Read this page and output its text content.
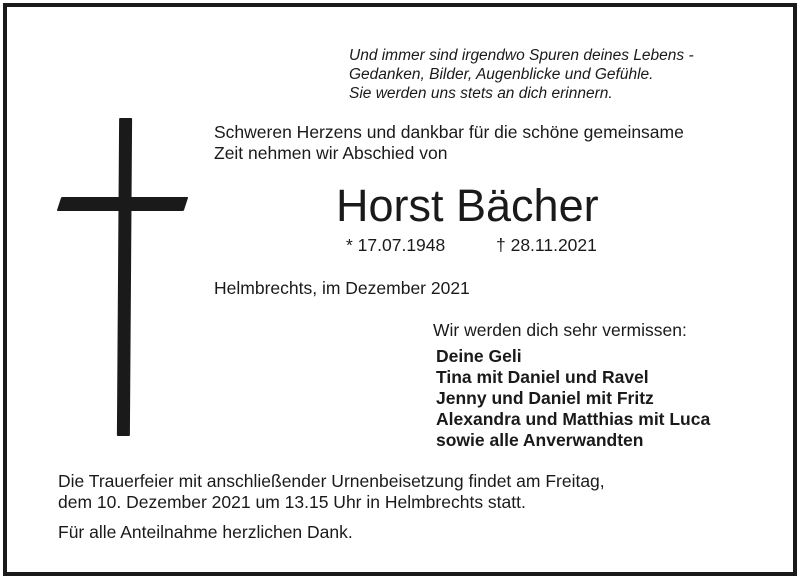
Und immer sind irgendwo Spuren deines Lebens -
Gedanken, Bilder, Augenblicke und Gefühle.
Sie werden uns stets an dich erinnern.
Schweren Herzens und dankbar für die schöne gemeinsame
Zeit nehmen wir Abschied von
Horst Bächer
* 17.07.1948	† 28.11.2021
Helmbrechts, im Dezember 2021
Wir werden dich sehr vermissen:
Deine Geli
Tina mit Daniel und Ravel
Jenny und Daniel mit Fritz
Alexandra und Matthias mit Luca
sowie alle Anverwandten
Die Trauerfeier mit anschließender Urnenbeisetzung findet am Freitag,
dem 10. Dezember 2021 um 13.15 Uhr in Helmbrechts statt.
Für alle Anteilnahme herzlichen Dank.
